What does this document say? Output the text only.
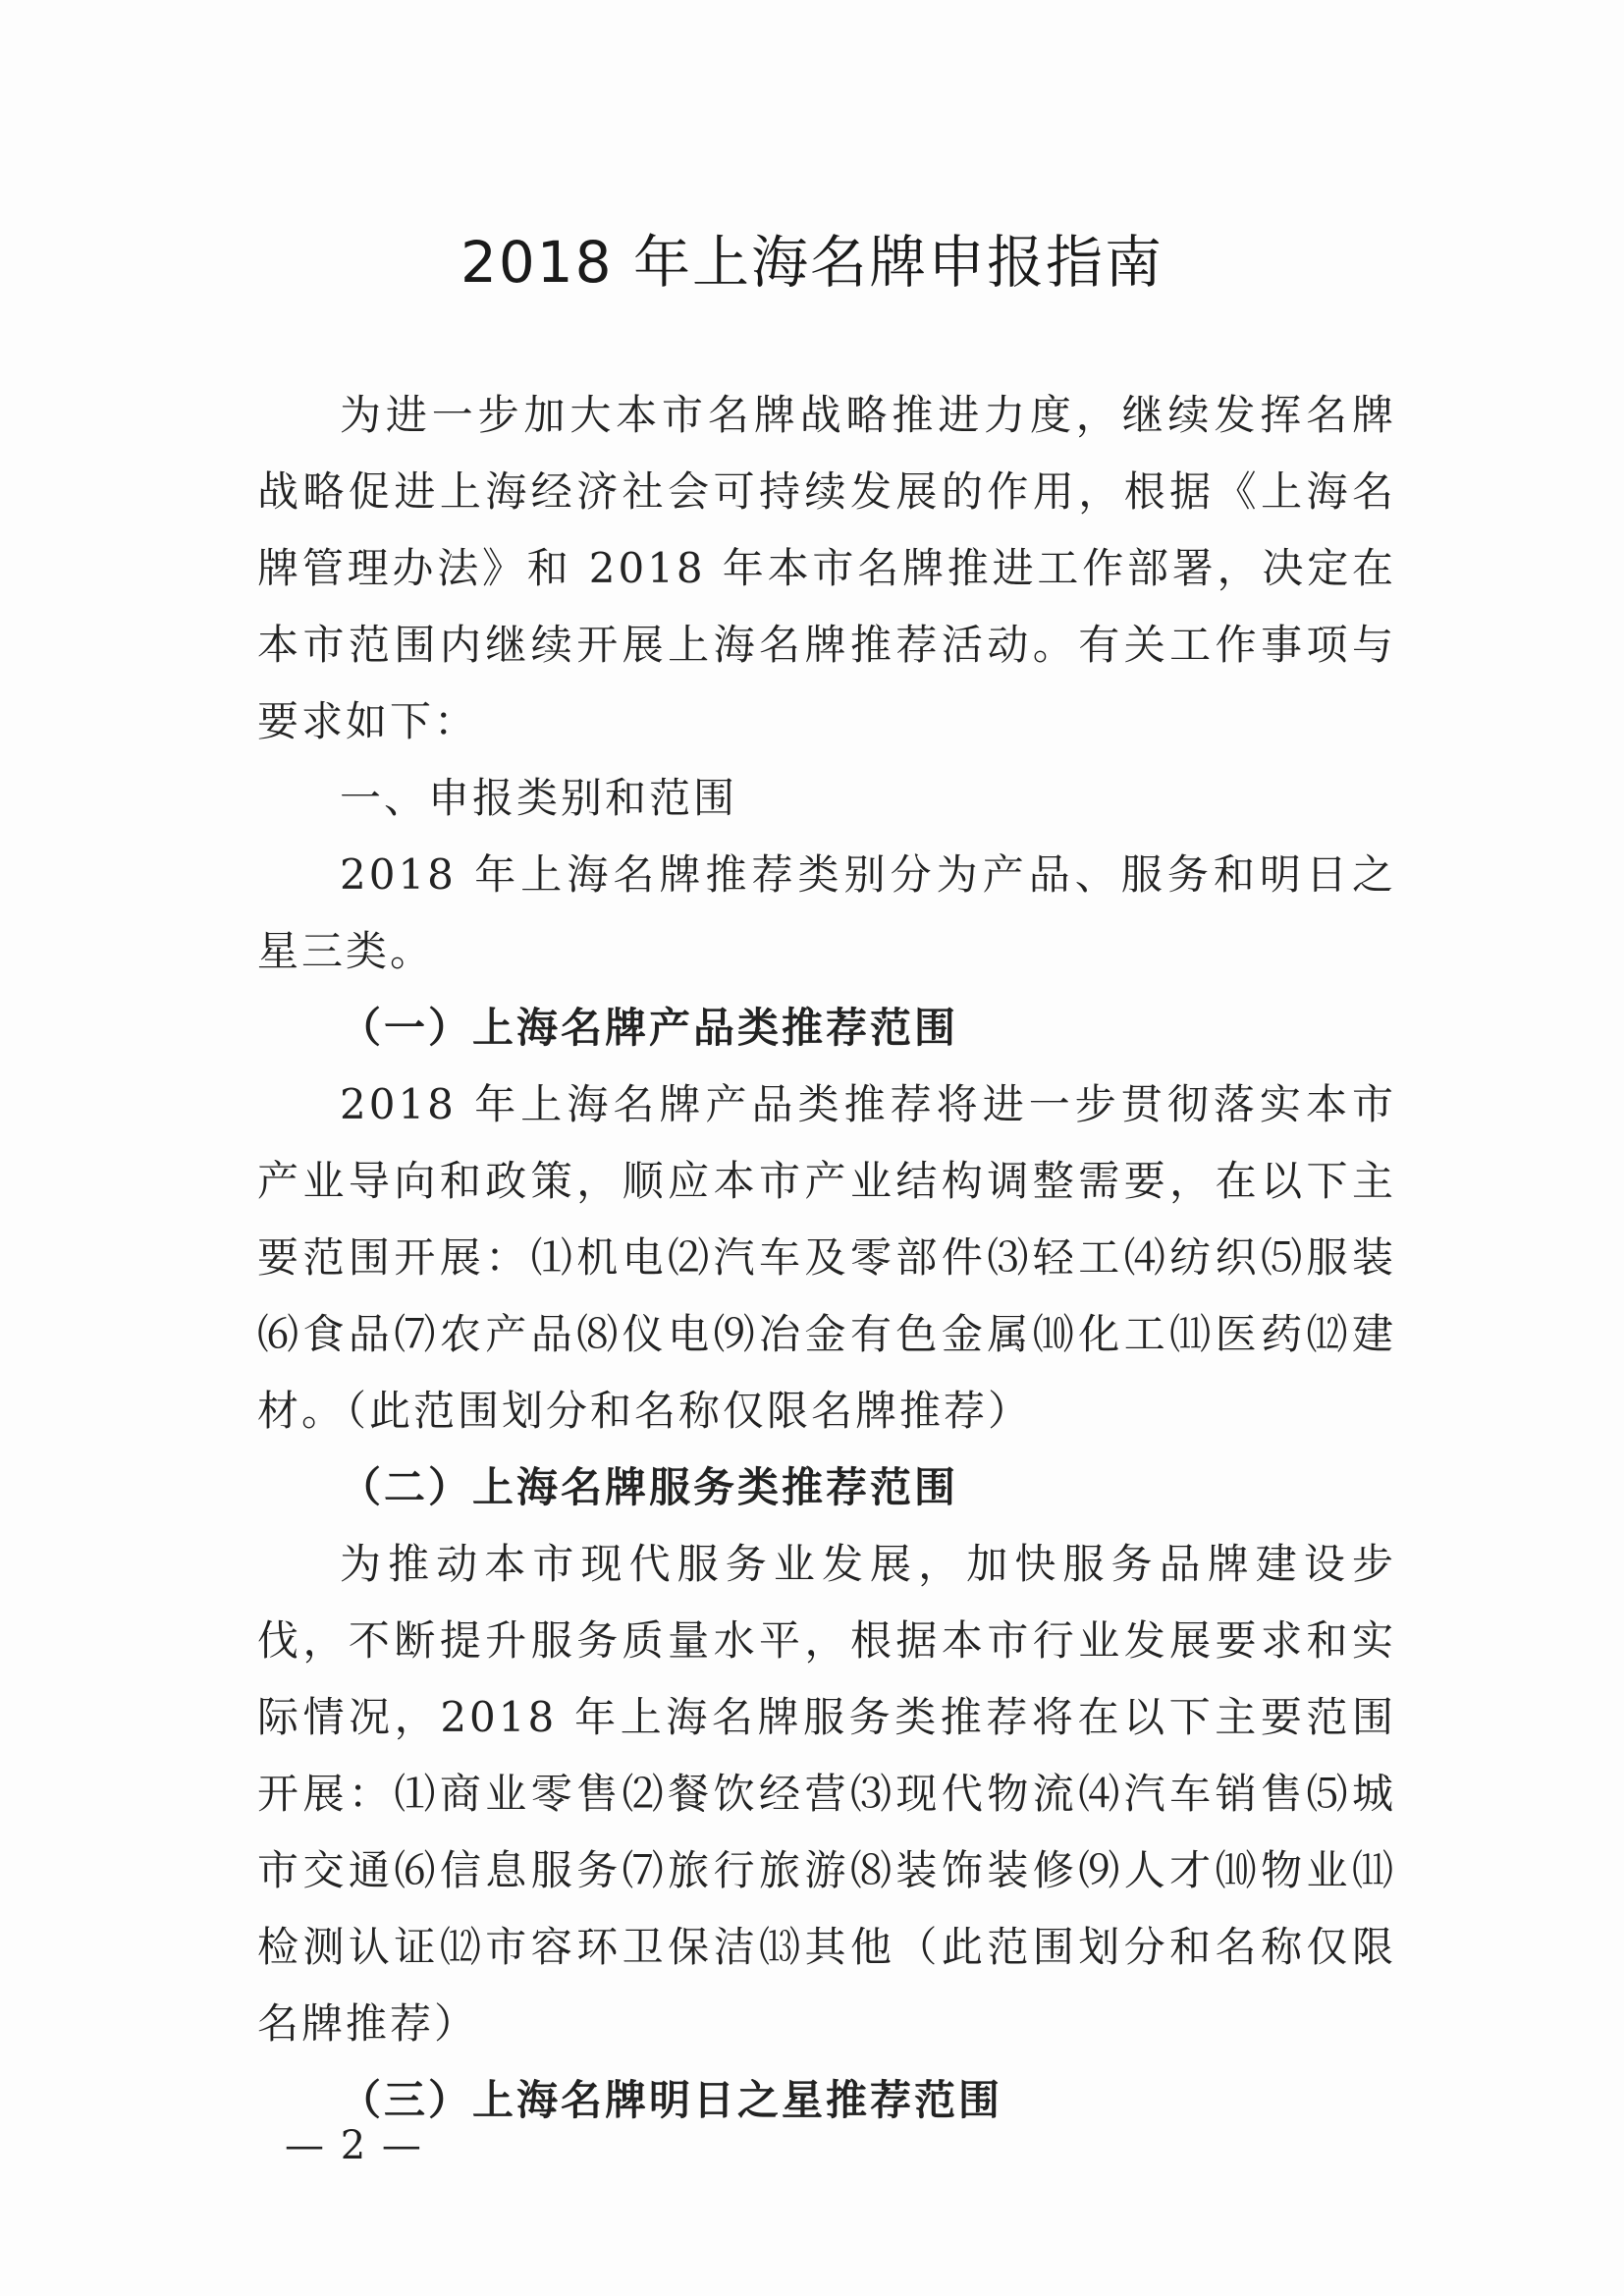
2018 年上海名牌申报指南

为进一步加大本市名牌战略推进力度，继续发挥名牌战略促进上海经济社会可持续发展的作用，根据《上海名牌管理办法》和 2018 年本市名牌推进工作部署，决定在本市范围内继续开展上海名牌推荐活动。有关工作事项与要求如下：

一、申报类别和范围

2018 年上海名牌推荐类别分为产品、服务和明日之星三类。

（一）上海名牌产品类推荐范围

2018 年上海名牌产品类推荐将进一步贯彻落实本市产业导向和政策，顺应本市产业结构调整需要，在以下主要范围开展：⑴机电⑵汽车及零部件⑶轻工⑷纺织⑸服装⑹食品⑺农产品⑻仪电⑼冶金有色金属⑽化工⑾医药⑿建材。（此范围划分和名称仅限名牌推荐）

（二）上海名牌服务类推荐范围

为推动本市现代服务业发展，加快服务品牌建设步伐，不断提升服务质量水平，根据本市行业发展要求和实际情况，2018 年上海名牌服务类推荐将在以下主要范围开展：⑴商业零售⑵餐饮经营⑶现代物流⑷汽车销售⑸城市交通⑹信息服务⑺旅行旅游⑻装饰装修⑼人才⑽物业⑾检测认证⑿市容环卫保洁⒀其他（此范围划分和名称仅限名牌推荐）

（三）上海名牌明日之星推荐范围

— 2 —
